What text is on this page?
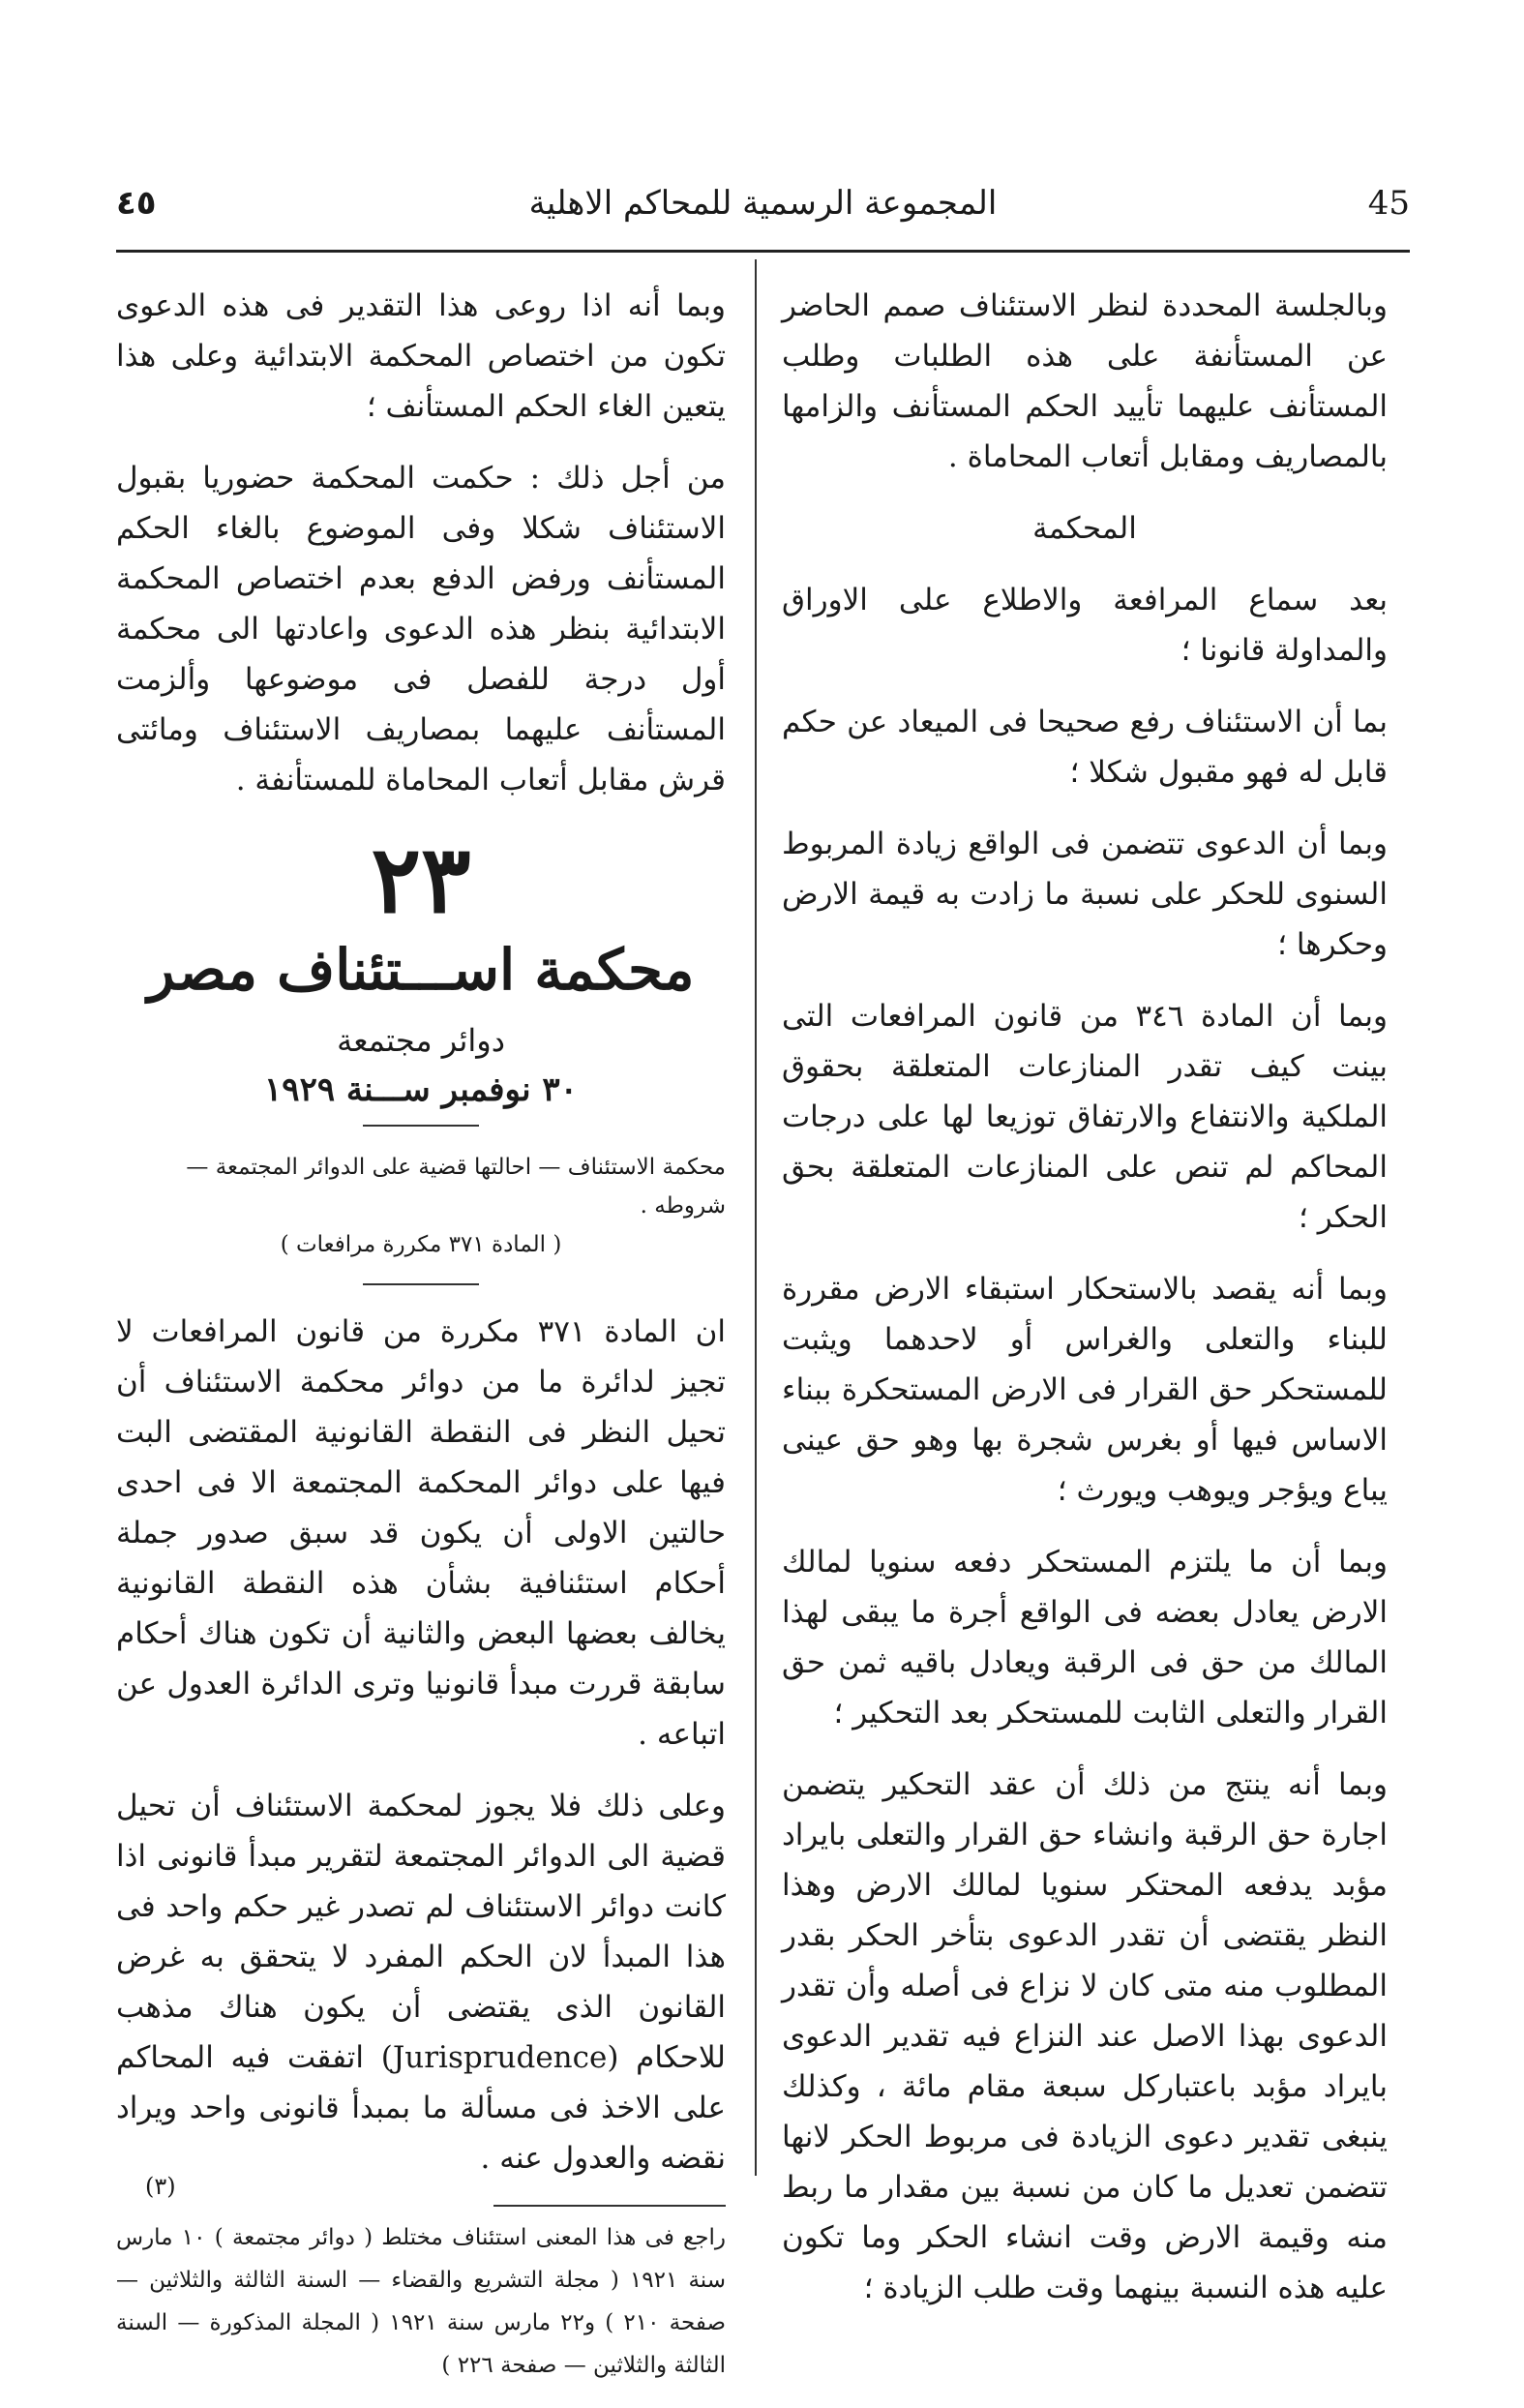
٤٥	المجموعة الرسمية للمحاكم الاهلية	45

وبالجلسة المحددة لنظر الاستئناف صمم الحاضر عن المستأنفة على هذه الطلبات وطلب المستأنف عليهما تأييد الحكم المستأنف والزامها بالمصاريف ومقابل أتعاب المحاماة .

المحكمة

بعد سماع المرافعة والاطلاع على الاوراق والمداولة قانونا ؛

بما أن الاستئناف رفع صحيحا فى الميعاد عن حكم قابل له فهو مقبول شكلا ؛

وبما أن الدعوى تتضمن فى الواقع زيادة المربوط السنوى للحكر على نسبة ما زادت به قيمة الارض وحكرها ؛

وبما أن المادة ٣٤٦ من قانون المرافعات التى بينت كيف تقدر المنازعات المتعلقة بحقوق الملكية والانتفاع والارتفاق توزيعا لها على درجات المحاكم لم تنص على المنازعات المتعلقة بحق الحكر ؛

وبما أنه يقصد بالاستحكار استبقاء الارض مقررة للبناء والتعلى والغراس أو لاحدهما ويثبت للمستحكر حق القرار فى الارض المستحكرة ببناء الاساس فيها أو بغرس شجرة بها وهو حق عينى يباع ويؤجر ويوهب ويورث ؛

وبما أن ما يلتزم المستحكر دفعه سنويا لمالك الارض يعادل بعضه فى الواقع أجرة ما يبقى لهذا المالك من حق فى الرقبة ويعادل باقيه ثمن حق القرار والتعلى الثابت للمستحكر بعد التحكير ؛

وبما أنه ينتج من ذلك أن عقد التحكير يتضمن اجارة حق الرقبة وانشاء حق القرار والتعلى بايراد مؤبد يدفعه المحتكر سنويا لمالك الارض وهذا النظر يقتضى أن تقدر الدعوى بتأخر الحكر بقدر المطلوب منه متى كان لا نزاع فى أصله وأن تقدر الدعوى بهذا الاصل عند النزاع فيه تقدير الدعوى بايراد مؤبد باعتباركل سبعة مقام مائة ، وكذلك ينبغى تقدير دعوى الزيادة فى مربوط الحكر لانها تتضمن تعديل ما كان من نسبة بين مقدار ما ربط منه وقيمة الارض وقت انشاء الحكر وما تكون عليه هذه النسبة بينهما وقت طلب الزيادة ؛

وبما أنه اذا روعى هذا التقدير فى هذه الدعوى تكون من اختصاص المحكمة الابتدائية وعلى هذا يتعين الغاء الحكم المستأنف ؛

من أجل ذلك : حكمت المحكمة حضوريا بقبول الاستئناف شكلا وفى الموضوع بالغاء الحكم المستأنف ورفض الدفع بعدم اختصاص المحكمة الابتدائية بنظر هذه الدعوى واعادتها الى محكمة أول درجة للفصل فى موضوعها وألزمت المستأنف عليهما بمصاريف الاستئناف ومائتى قرش مقابل أتعاب المحاماة للمستأنفة .

٢٣
محكمة اســـتئناف مصر
دوائر مجتمعة
٣٠ نوفمبر ســـنة ١٩٢٩
محكمة الاستئناف — احالتها قضية على الدوائر المجتمعة — شروطه .
( المادة ٣٧١ مكررة مرافعات )

ان المادة ٣٧١ مكررة من قانون المرافعات لا تجيز لدائرة ما من دوائر محكمة الاستئناف أن تحيل النظر فى النقطة القانونية المقتضى البت فيها على دوائر المحكمة المجتمعة الا فى احدى حالتين الاولى أن يكون قد سبق صدور جملة أحكام استئنافية بشأن هذه النقطة القانونية يخالف بعضها البعض والثانية أن تكون هناك أحكام سابقة قررت مبدأ قانونيا وترى الدائرة العدول عن اتباعه .

وعلى ذلك فلا يجوز لمحكمة الاستئناف أن تحيل قضية الى الدوائر المجتمعة لتقرير مبدأ قانونى اذا كانت دوائر الاستئناف لم تصدر غير حكم واحد فى هذا المبدأ لان الحكم المفرد لا يتحقق به غرض القانون الذى يقتضى أن يكون هناك مذهب للاحكام (Jurisprudence) اتفقت فيه المحاكم على الاخذ فى مسألة ما بمبدأ قانونى واحد ويراد نقضه والعدول عنه .

راجع فى هذا المعنى استئناف مختلط ( دوائر مجتمعة ) ١٠ مارس سنة ١٩٢١ ( مجلة التشريع والقضاء — السنة الثالثة والثلاثين — صفحة ٢١٠ ) و٢٢ مارس سنة ١٩٢١ ( المجلة المذكورة — السنة الثالثة والثلاثين — صفحة ٢٢٦ )

(٣)
